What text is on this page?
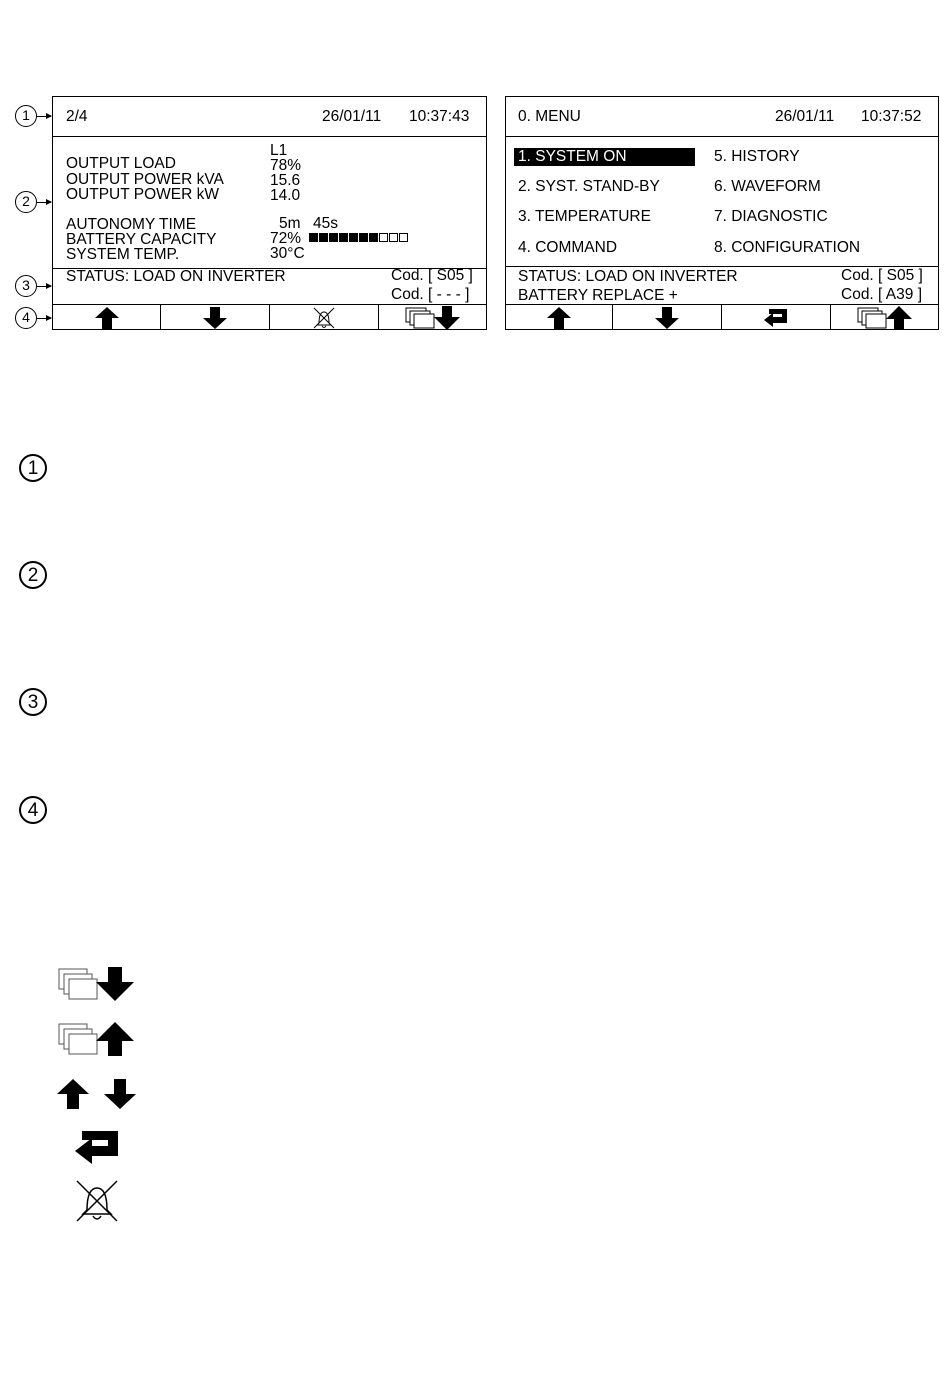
1
2
3
4
2/4	26/01/11 10:37:43
L1
OUTPUT LOAD	78%
OUTPUT POWER kVA	15.6
OUTPUT POWER kW	14.0
AUTONOMY TIME	5m 45s
BATTERY CAPACITY	72%
SYSTEM TEMP.	30°C
STATUS: LOAD ON INVERTER	Cod. [ S05 ]
Cod. [ - - - ]
0. MENU	26/01/11 10:37:52
1. SYSTEM ON
2. SYST. STAND-BY
3. TEMPERATURE
4. COMMAND
5. HISTORY
6. WAVEFORM
7. DIAGNOSTIC
8. CONFIGURATION
STATUS: LOAD ON INVERTER
BATTERY REPLACE +
Cod. [ S05 ]
Cod. [ A39 ]
1
2
3
4
